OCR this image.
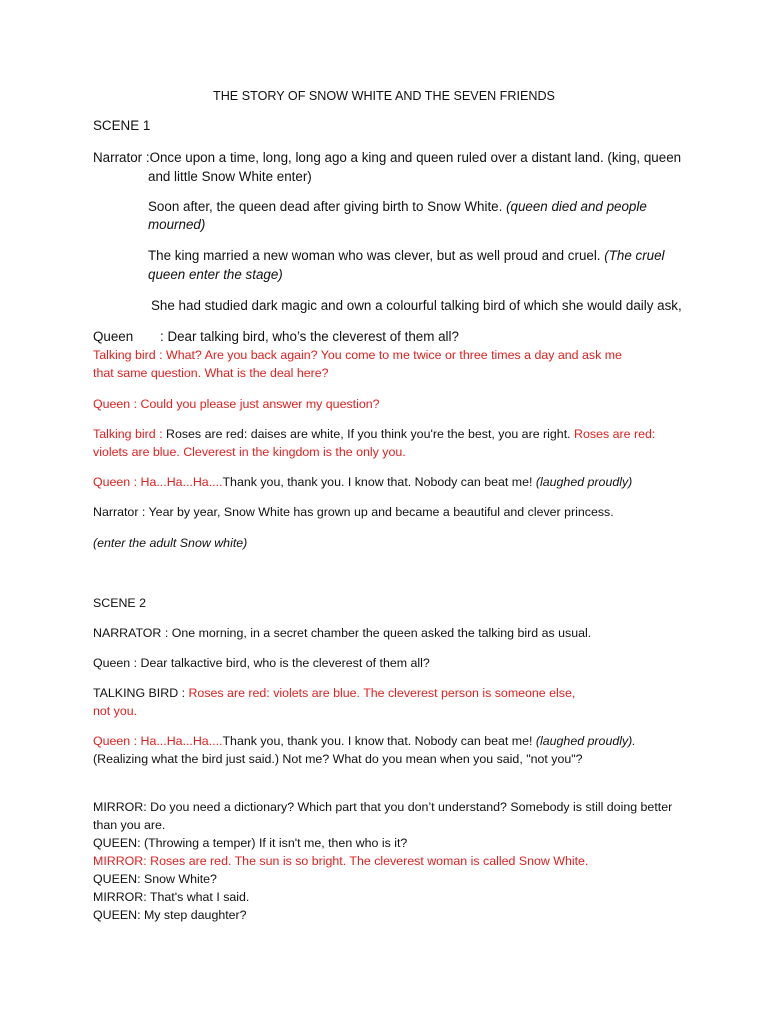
THE STORY OF SNOW WHITE AND THE SEVEN FRIENDS
SCENE 1
Narrator :Once upon a time, long, long ago a king and queen ruled over a distant land. (king, queen
and little Snow White enter)
Soon after, the queen dead after giving birth to Snow White. (queen died and people
mourned)
The king married a new woman who was clever, but as well proud and cruel. (The cruel
queen enter the stage)
She had studied dark magic and own a colourful talking bird of which she would daily ask,
Queen : Dear talking bird, who’s the cleverest of them all?
Talking bird : What? Are you back again? You come to me twice or three times a day and ask me
that same question. What is the deal here?
Queen : Could you please just answer my question?
Talking bird : Roses are red: daises are white, If you think you're the best, you are right. Roses are red:
violets are blue. Cleverest in the kingdom is the only you.
Queen : Ha...Ha...Ha....Thank you, thank you. I know that. Nobody can beat me! (laughed proudly)
Narrator : Year by year, Snow White has grown up and became a beautiful and clever princess.
(enter the adult Snow white)
SCENE 2
NARRATOR : One morning, in a secret chamber the queen asked the talking bird as usual.
Queen : Dear talkactive bird, who is the cleverest of them all?
TALKING BIRD : Roses are red: violets are blue. The cleverest person is someone else,
not you.
Queen : Ha...Ha...Ha....Thank you, thank you. I know that. Nobody can beat me! (laughed proudly).
(Realizing what the bird just said.) Not me? What do you mean when you said, "not you"?
MIRROR: Do you need a dictionary? Which part that you don’t understand? Somebody is still doing better
than you are.
QUEEN: (Throwing a temper) If it isn't me, then who is it?
MIRROR: Roses are red. The sun is so bright. The cleverest woman is called Snow White.
QUEEN: Snow White?
MIRROR: That's what I said.
QUEEN: My step daughter?
